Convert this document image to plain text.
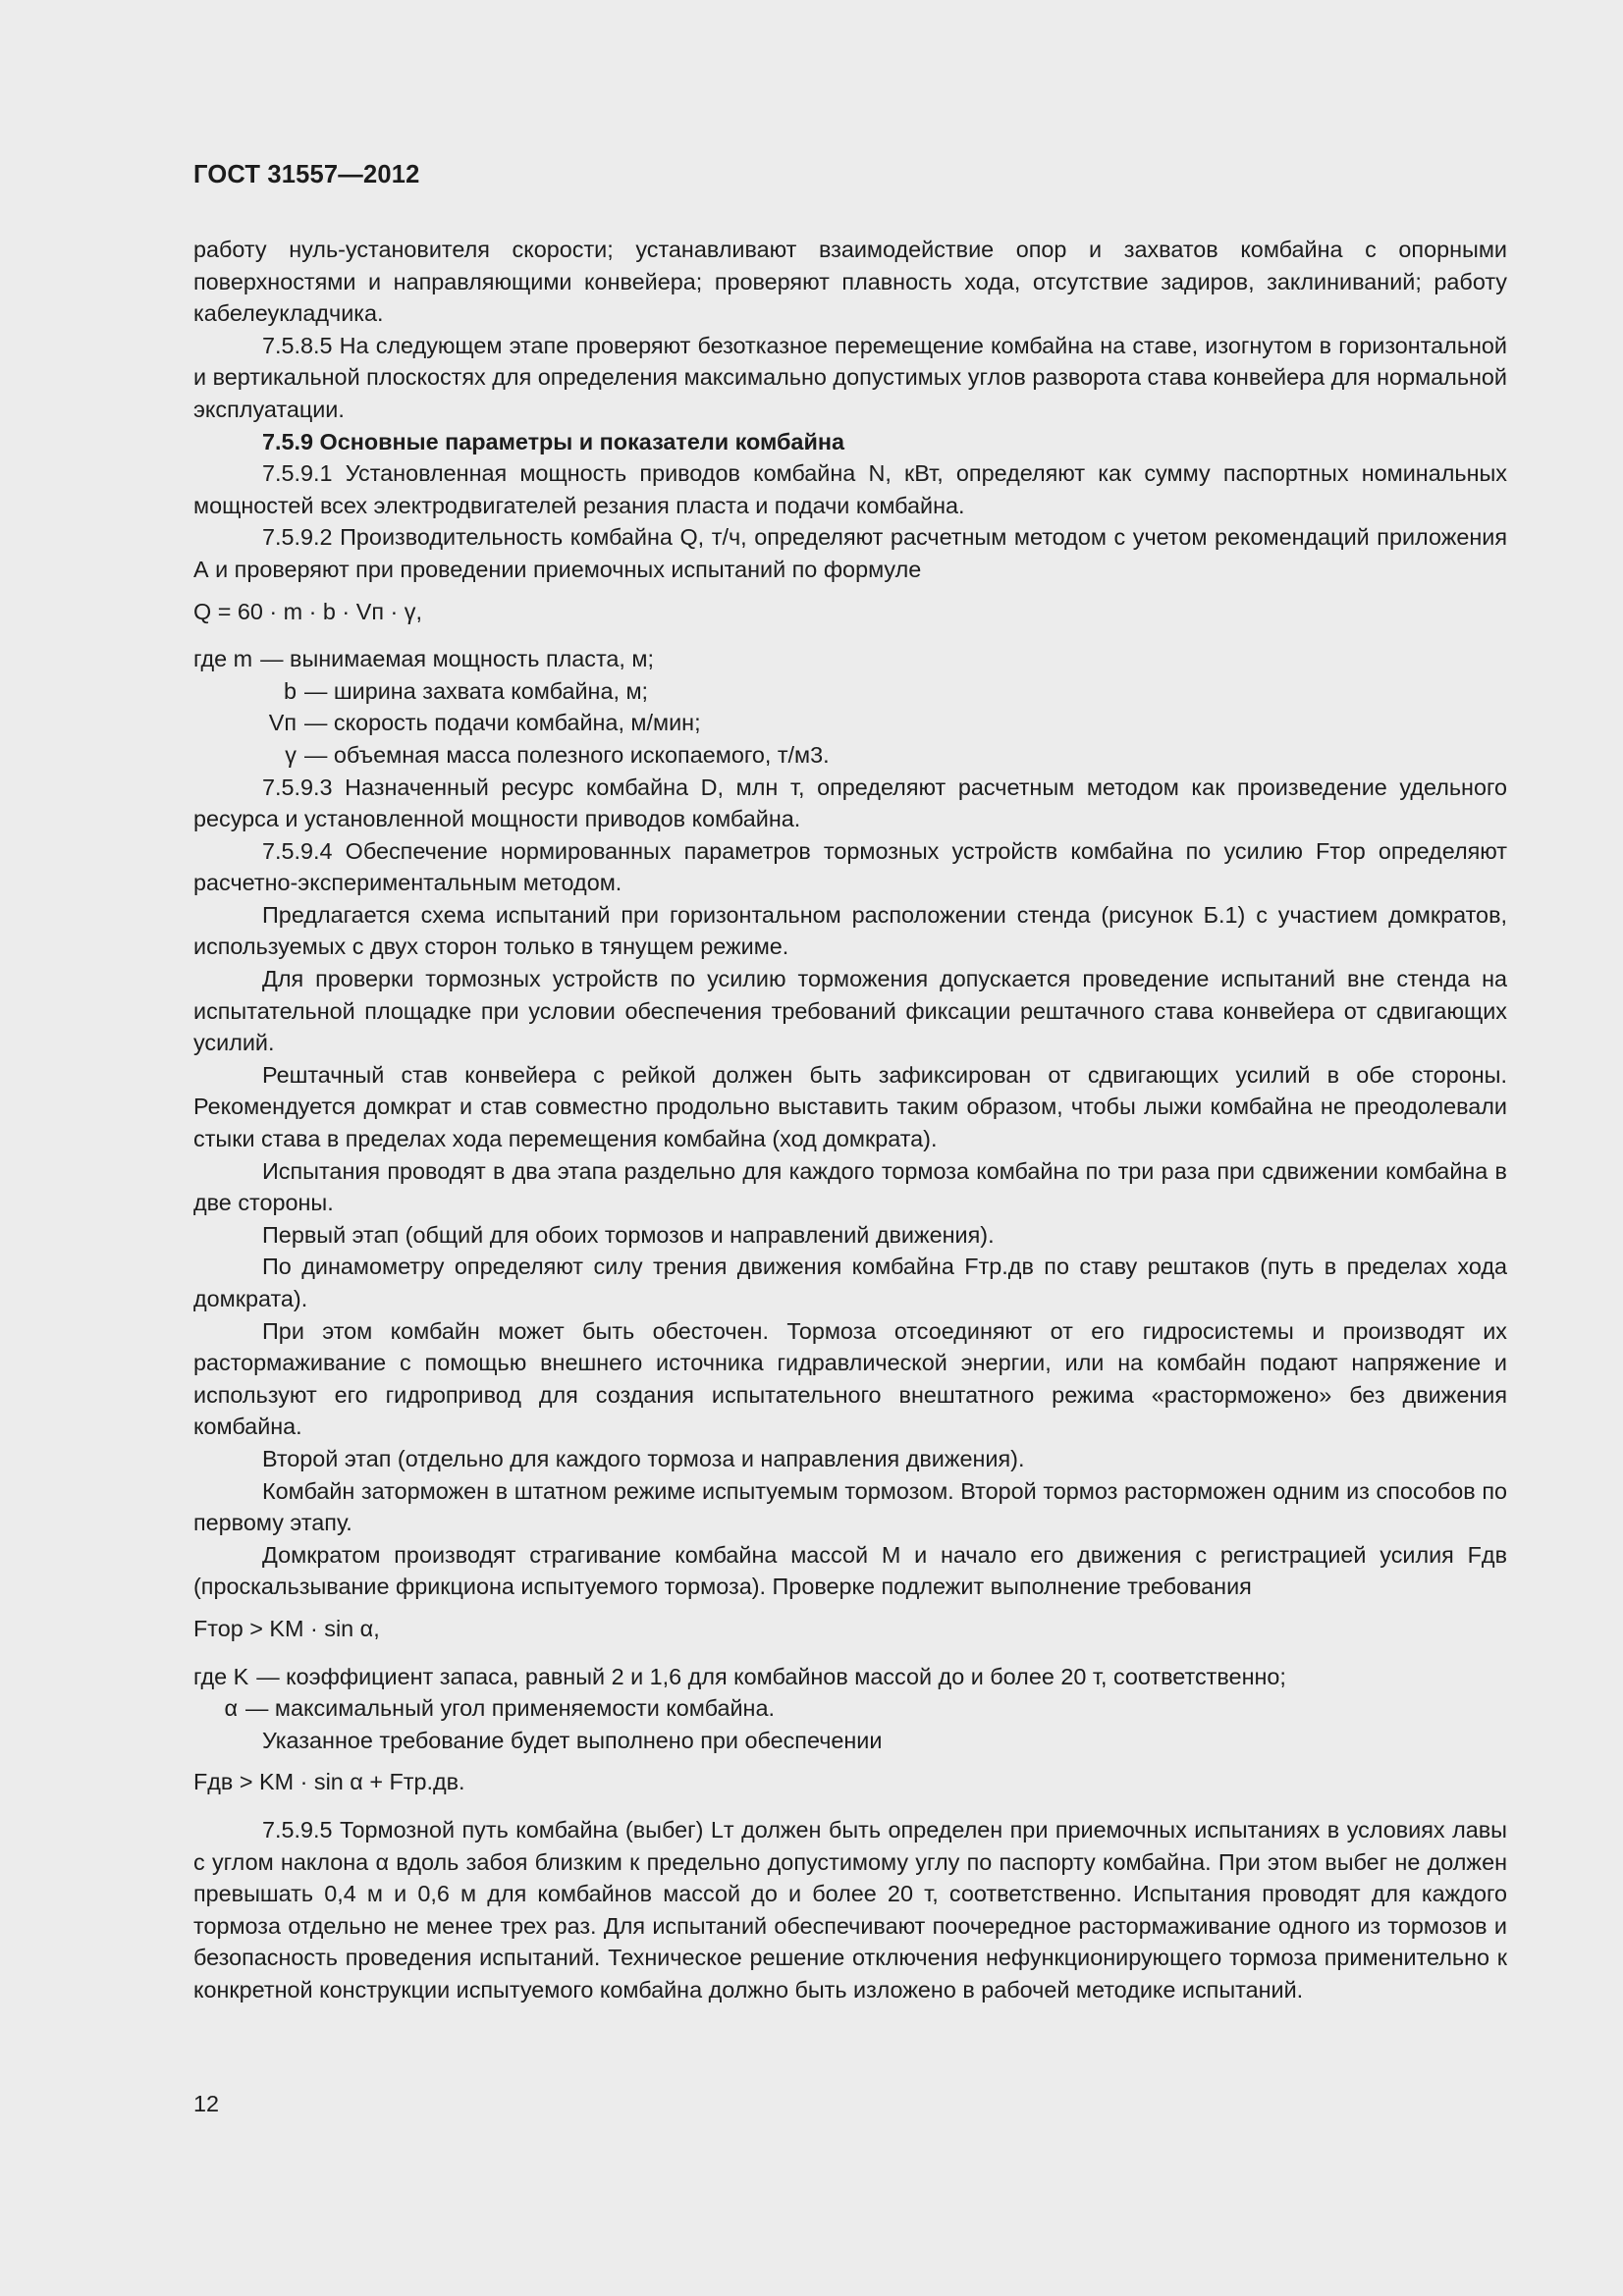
ГОСТ 31557—2012

работу нуль-установителя скорости; устанавливают взаимодействие опор и захватов комбайна с опорными поверхностями и направляющими конвейера; проверяют плавность хода, отсутствие задиров, заклиниваний; работу кабелеукладчика.

7.5.8.5 На следующем этапе проверяют безотказное перемещение комбайна на ставе, изогнутом в горизонтальной и вертикальной плоскостях для определения максимально допустимых углов разворота става конвейера для нормальной эксплуатации.

7.5.9 Основные параметры и показатели комбайна

7.5.9.1 Установленная мощность приводов комбайна N, кВт, определяют как сумму паспортных номинальных мощностей всех электродвигателей резания пласта и подачи комбайна.

7.5.9.2 Производительность комбайна Q, т/ч, определяют расчетным методом с учетом рекомендаций приложения А и проверяют при проведении приемочных испытаний по формуле

Q = 60 · m · b · Vп · γ,

где m — вынимаемая мощность пласта, м;
b — ширина захвата комбайна, м;
Vп — скорость подачи комбайна, м/мин;
γ — объемная масса полезного ископаемого, т/м3.

7.5.9.3 Назначенный ресурс комбайна D, млн т, определяют расчетным методом как произведение удельного ресурса и установленной мощности приводов комбайна.

7.5.9.4 Обеспечение нормированных параметров тормозных устройств комбайна по усилию Fтор определяют расчетно-экспериментальным методом.

Предлагается схема испытаний при горизонтальном расположении стенда (рисунок Б.1) с участием домкратов, используемых с двух сторон только в тянущем режиме.

Для проверки тормозных устройств по усилию торможения допускается проведение испытаний вне стенда на испытательной площадке при условии обеспечения требований фиксации рештачного става конвейера от сдвигающих усилий.

Рештачный став конвейера с рейкой должен быть зафиксирован от сдвигающих усилий в обе стороны. Рекомендуется домкрат и став совместно продольно выставить таким образом, чтобы лыжи комбайна не преодолевали стыки става в пределах хода перемещения комбайна (ход домкрата).

Испытания проводят в два этапа раздельно для каждого тормоза комбайна по три раза при сдвижении комбайна в две стороны.

Первый этап (общий для обоих тормозов и направлений движения).

По динамометру определяют силу трения движения комбайна Fтр.дв по ставу рештаков (путь в пределах хода домкрата).

При этом комбайн может быть обесточен. Тормоза отсоединяют от его гидросистемы и производят их растормаживание с помощью внешнего источника гидравлической энергии, или на комбайн подают напряжение и используют его гидропривод для создания испытательного внештатного режима «расторможено» без движения комбайна.

Второй этап (отдельно для каждого тормоза и направления движения).

Комбайн заторможен в штатном режиме испытуемым тормозом. Второй тормоз расторможен одним из способов по первому этапу.

Домкратом производят страгивание комбайна массой M и начало его движения с регистрацией усилия Fдв (проскальзывание фрикциона испытуемого тормоза). Проверке подлежит выполнение требования

Fтор > KM · sin α,

где K — коэффициент запаса, равный 2 и 1,6 для комбайнов массой до и более 20 т, соответственно;
α — максимальный угол применяемости комбайна.

Указанное требование будет выполнено при обеспечении

Fдв > KM · sin α + Fтр.дв.

7.5.9.5 Тормозной путь комбайна (выбег) Lт должен быть определен при приемочных испытаниях в условиях лавы с углом наклона α вдоль забоя близким к предельно допустимому углу по паспорту комбайна. При этом выбег не должен превышать 0,4 м и 0,6 м для комбайнов массой до и более 20 т, соответственно. Испытания проводят для каждого тормоза отдельно не менее трех раз. Для испытаний обеспечивают поочередное растормаживание одного из тормозов и безопасность проведения испытаний. Техническое решение отключения нефункционирующего тормоза применительно к конкретной конструкции испытуемого комбайна должно быть изложено в рабочей методике испытаний.

12
